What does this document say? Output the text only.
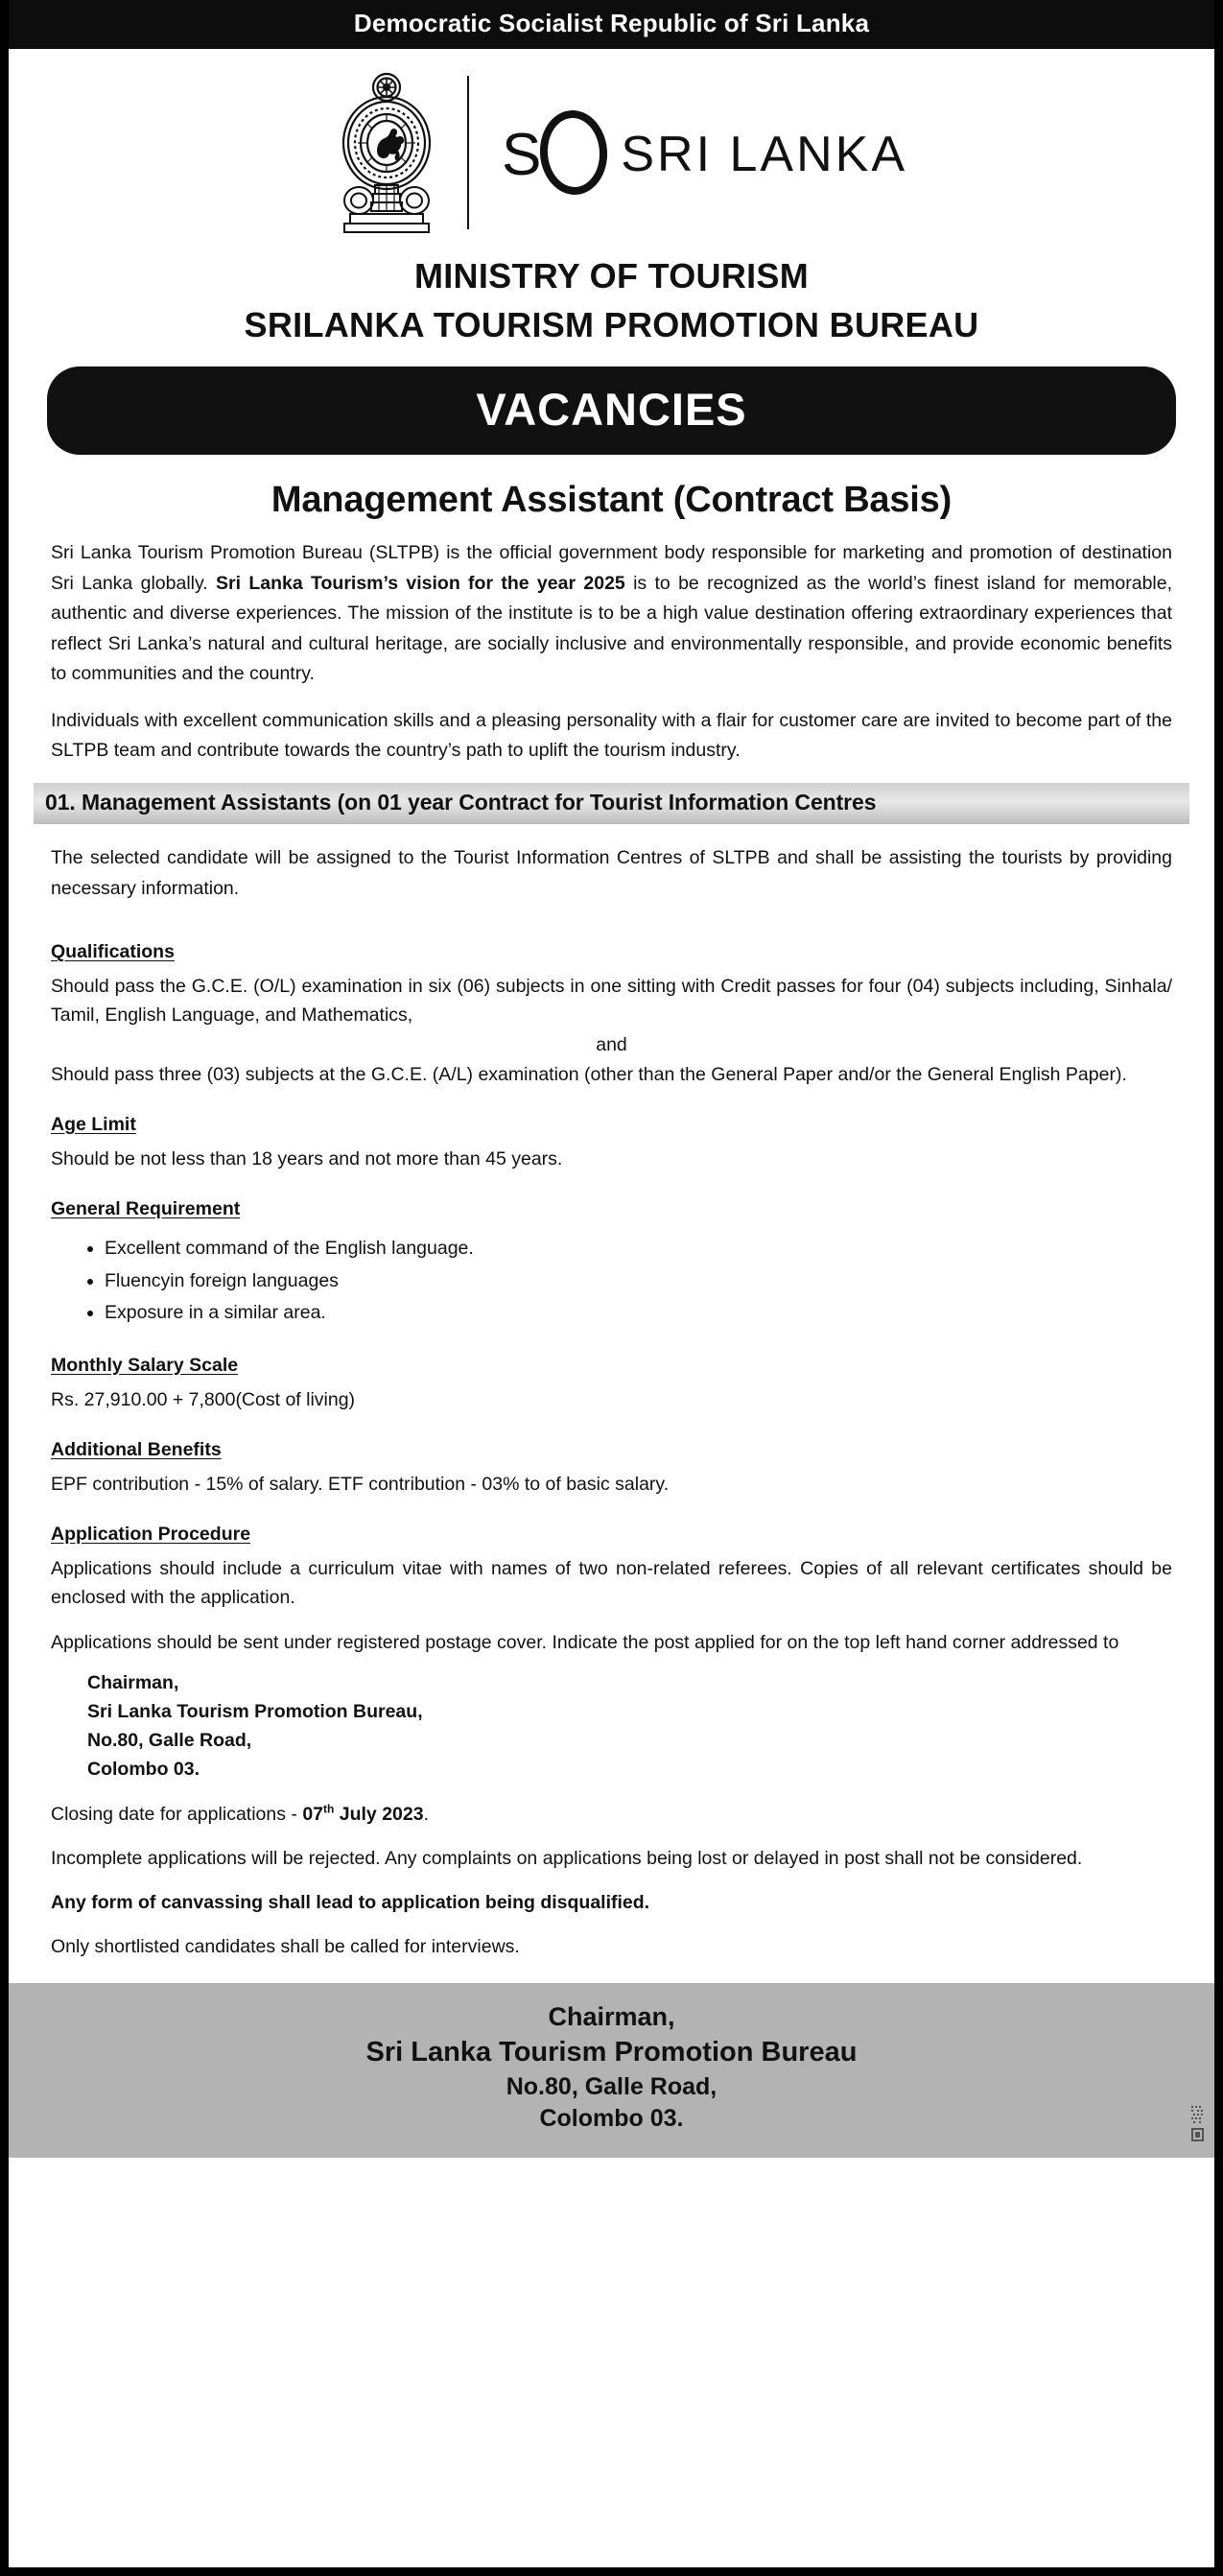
Democratic Socialist Republic of Sri Lanka
S SRI LANKA
MINISTRY OF TOURISM
SRILANKA TOURISM PROMOTION BUREAU
VACANCIES
Management Assistant (Contract Basis)

Sri Lanka Tourism Promotion Bureau (SLTPB) is the official government body responsible for marketing and promotion of destination Sri Lanka globally. Sri Lanka Tourism’s vision for the year 2025 is to be recognized as the world’s finest island for memorable, authentic and diverse experiences. The mission of the institute is to be a high value destination offering extraordinary experiences that reflect Sri Lanka’s natural and cultural heritage, are socially inclusive and environmentally responsible, and provide economic benefits to communities and the country.

Individuals with excellent communication skills and a pleasing personality with a flair for customer care are invited to become part of the SLTPB team and contribute towards the country’s path to uplift the tourism industry.

01. Management Assistants (on 01 year Contract for Tourist Information Centres

The selected candidate will be assigned to the Tourist Information Centres of SLTPB and shall be assisting the tourists by providing necessary information.

Qualifications

Should pass the G.C.E. (O/L) examination in six (06) subjects in one sitting with Credit passes for four (04) subjects including, Sinhala/ Tamil, English Language, and Mathematics,

and

Should pass three (03) subjects at the G.C.E. (A/L) examination (other than the General Paper and/or the General English Paper).

Age Limit

Should be not less than 18 years and not more than 45 years.

General Requirement
• Excellent command of the English language.
• Fluencyin foreign languages
• Exposure in a similar area.
Monthly Salary Scale

Rs. 27,910.00 + 7,800(Cost of living)

Additional Benefits

EPF contribution - 15% of salary. ETF contribution - 03% to of basic salary.

Application Procedure

Applications should include a curriculum vitae with names of two non-related referees. Copies of all relevant certificates should be enclosed with the application.

Applications should be sent under registered postage cover. Indicate the post applied for on the top left hand corner addressed to

Chairman,
Sri Lanka Tourism Promotion Bureau,
No.80, Galle Road,
Colombo 03.

Closing date for applications - 07th July 2023.

Incomplete applications will be rejected. Any complaints on applications being lost or delayed in post shall not be considered.

Any form of canvassing shall lead to application being disqualified.

Only shortlisted candidates shall be called for interviews.

Chairman,
Sri Lanka Tourism Promotion Bureau
No.80, Galle Road,
Colombo 03.
